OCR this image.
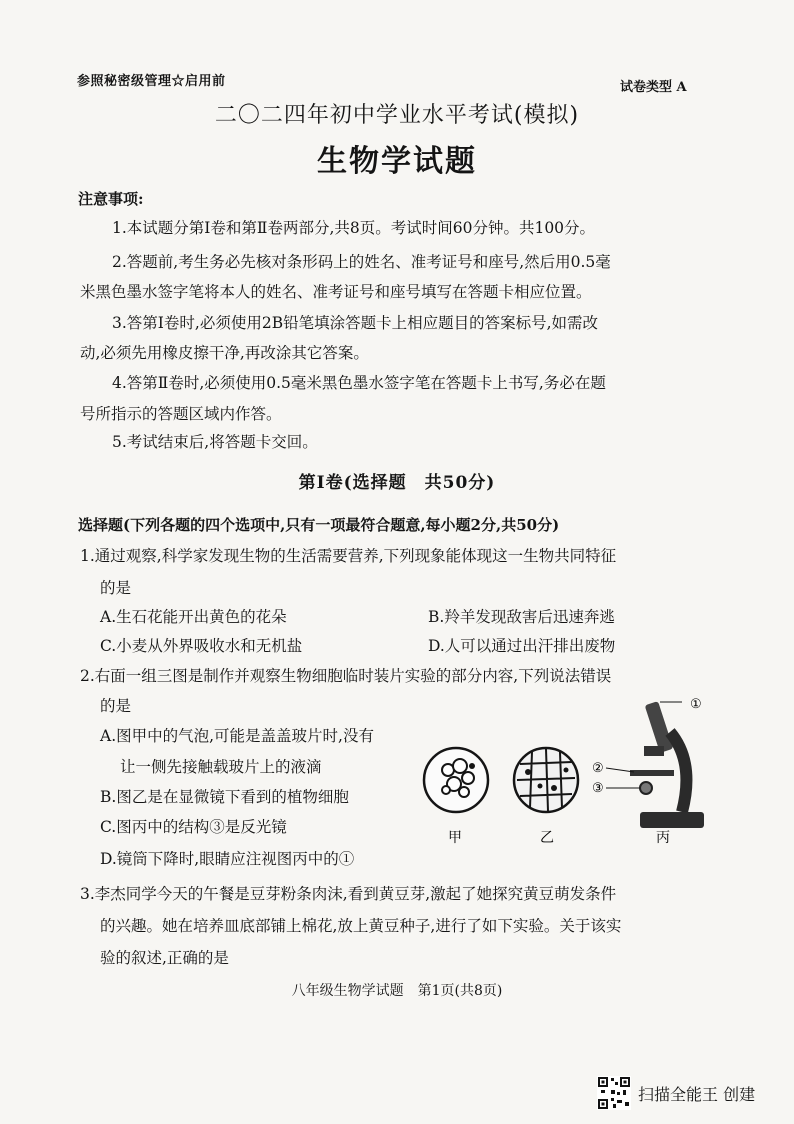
参照秘密级管理☆启用前	试卷类型 A
二〇二四年初中学业水平考试(模拟)
生物学试题
注意事项:
1.本试题分第Ⅰ卷和第Ⅱ卷两部分,共8页。考试时间60分钟。共100分。
2.答题前,考生务必先核对条形码上的姓名、准考证号和座号,然后用0.5毫
米黑色墨水签字笔将本人的姓名、准考证号和座号填写在答题卡相应位置。
3.答第Ⅰ卷时,必须使用2B铅笔填涂答题卡上相应题目的答案标号,如需改
动,必须先用橡皮擦干净,再改涂其它答案。
4.答第Ⅱ卷时,必须使用0.5毫米黑色墨水签字笔在答题卡上书写,务必在题
号所指示的答题区域内作答。
5.考试结束后,将答题卡交回。
第Ⅰ卷(选择题　共50分)
选择题(下列各题的四个选项中,只有一项最符合题意,每小题2分,共50分)
1.通过观察,科学家发现生物的生活需要营养,下列现象能体现这一生物共同特征
的是
A.生石花能开出黄色的花朵	B.羚羊发现敌害后迅速奔逃
C.小麦从外界吸收水和无机盐	D.人可以通过出汗排出废物
2.右面一组三图是制作并观察生物细胞临时装片实验的部分内容,下列说法错误
的是
A.图甲中的气泡,可能是盖盖玻片时,没有
让一侧先接触载玻片上的液滴
B.图乙是在显微镜下看到的植物细胞
C.图丙中的结构③是反光镜
D.镜筒下降时,眼睛应注视图丙中的①
①
②
③
甲	乙	丙
3.李杰同学今天的午餐是豆芽粉条肉沫,看到黄豆芽,激起了她探究黄豆萌发条件
的兴趣。她在培养皿底部铺上棉花,放上黄豆种子,进行了如下实验。关于该实
验的叙述,正确的是
八年级生物学试题　第1页(共8页)
扫描全能王 创建
